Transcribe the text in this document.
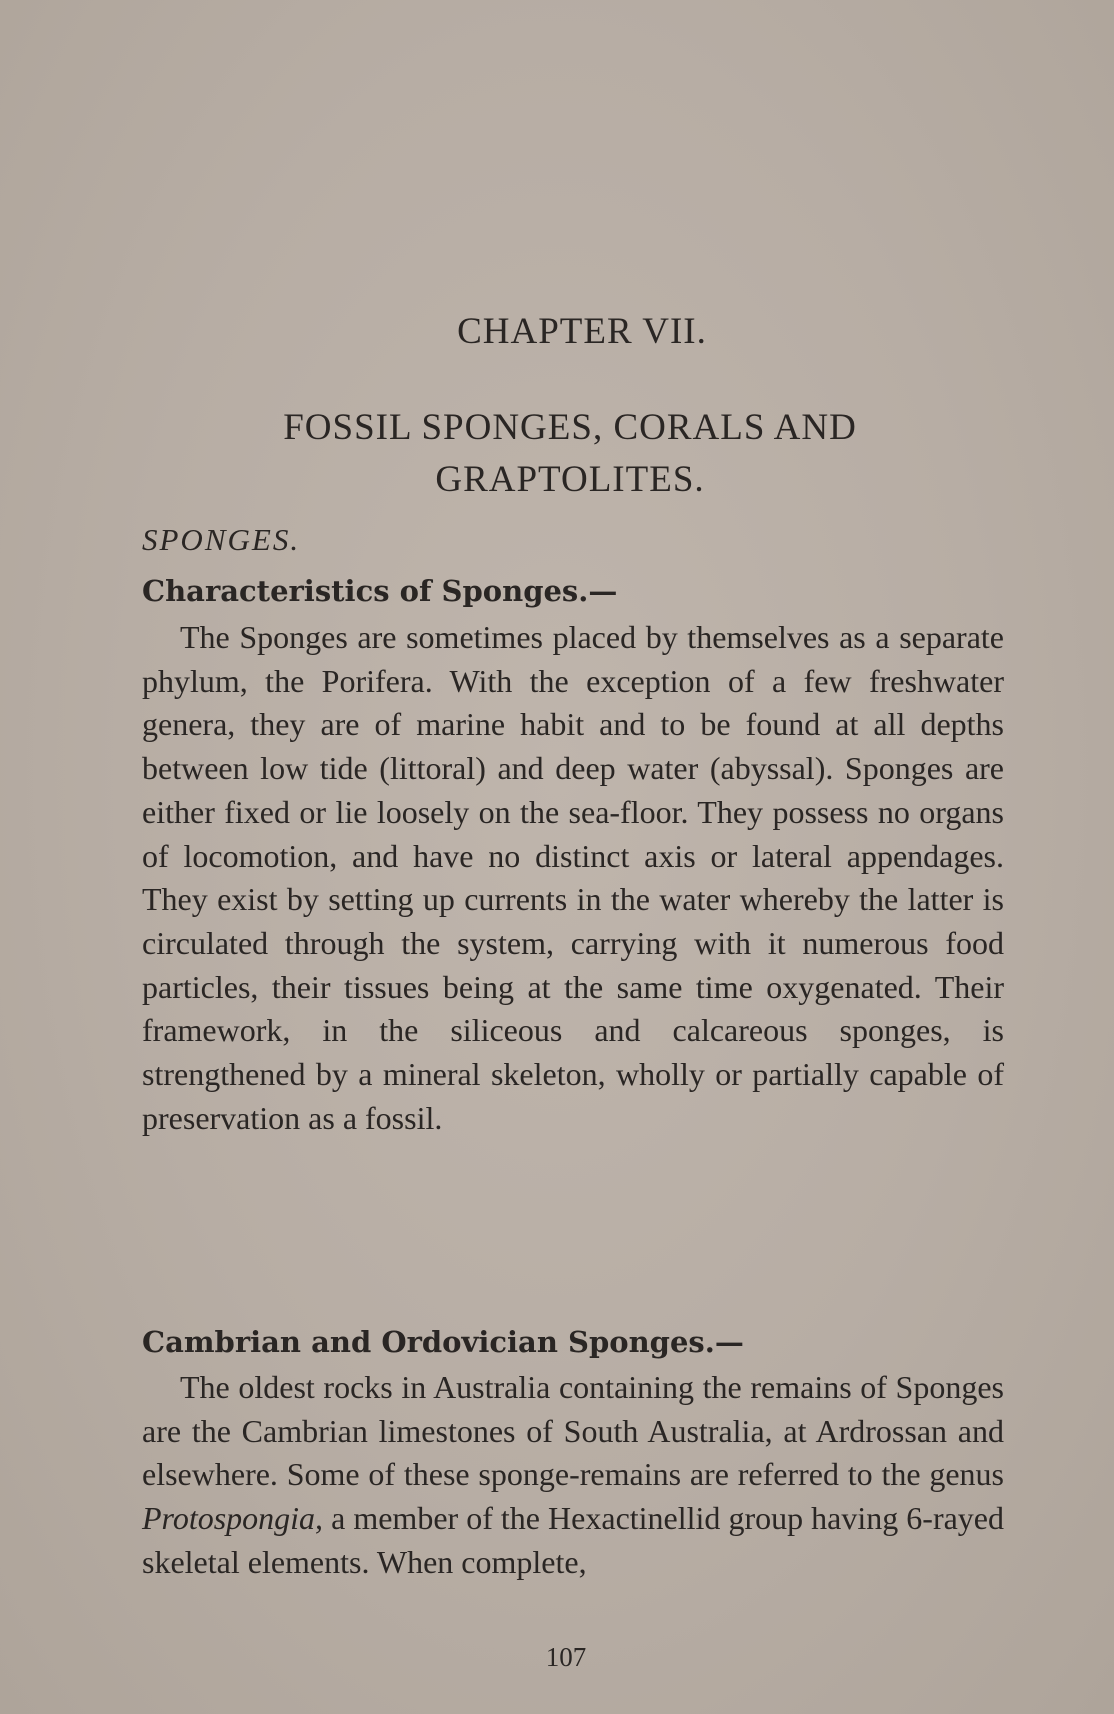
CHAPTER VII.
FOSSIL SPONGES, CORALS AND GRAPTOLITES.
SPONGES.
Characteristics of Sponges.—

The Sponges are sometimes placed by themselves as a separate phylum, the Porifera. With the exception of a few freshwater genera, they are of marine habit and to be found at all depths between low tide (littoral) and deep water (abyssal). Sponges are either fixed or lie loosely on the sea-floor. They possess no organs of locomotion, and have no distinct axis or lateral appendages. They exist by setting up currents in the water whereby the latter is circulated through the system, carrying with it numerous food particles, their tissues being at the same time oxygenated. Their framework, in the siliceous and calcareous sponges, is strengthened by a mineral skeleton, wholly or partially capable of preservation as a fossil.

Cambrian and Ordovician Sponges.—

The oldest rocks in Australia containing the remains of Sponges are the Cambrian limestones of South Australia, at Ardrossan and elsewhere. Some of these sponge-remains are referred to the genus Protospongia, a member of the Hexactinellid group having 6-rayed skeletal elements. When complete,

107
